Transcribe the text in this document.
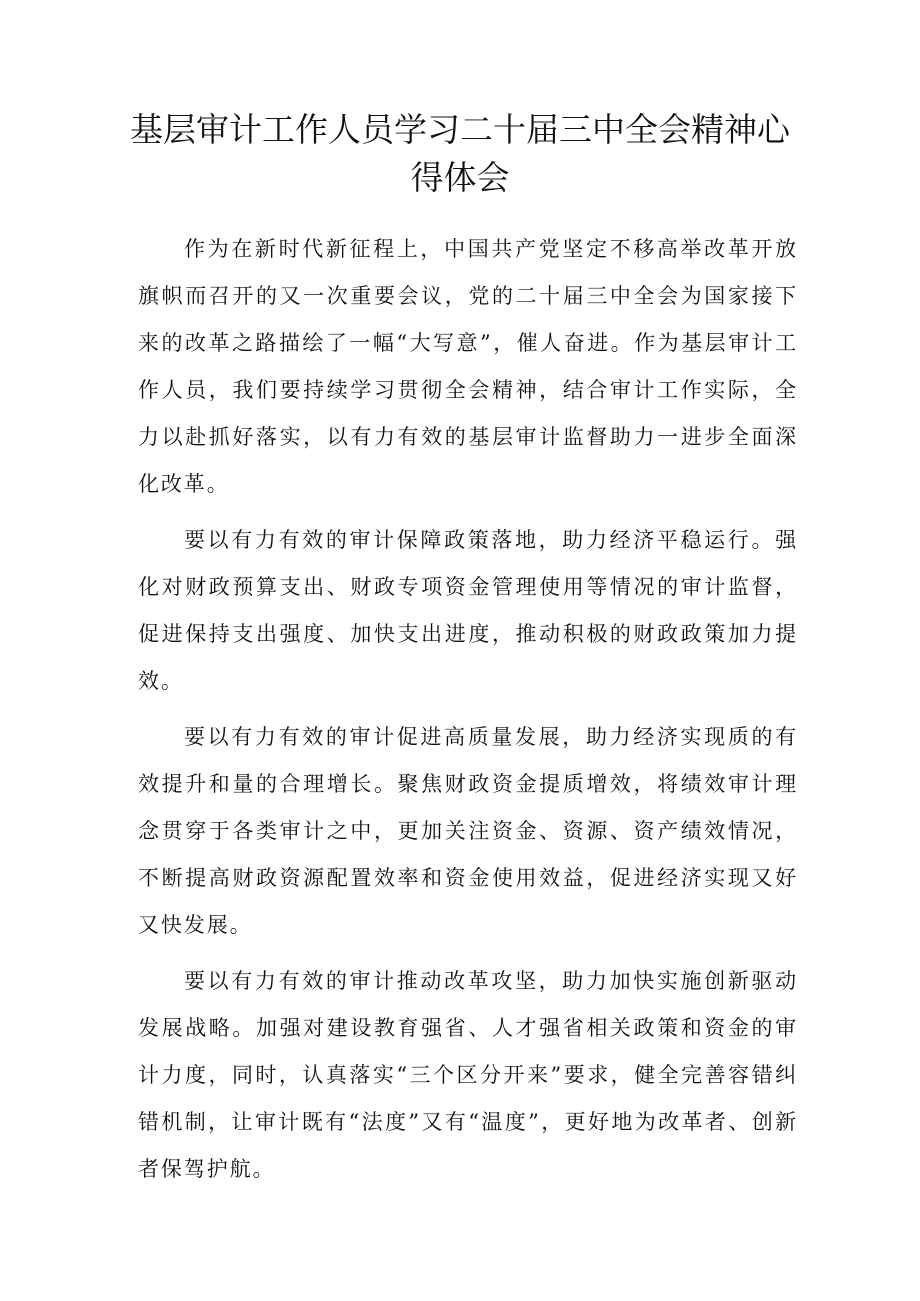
基层审计工作人员学习二十届三中全会精神心
得体会

作为在新时代新征程上，中国共产党坚定不移高举改革开放旗帜而召开的又一次重要会议，党的二十届三中全会为国家接下来的改革之路描绘了一幅“大写意”，催人奋进。作为基层审计工作人员，我们要持续学习贯彻全会精神，结合审计工作实际，全力以赴抓好落实，以有力有效的基层审计监督助力一进步全面深化改革。

要以有力有效的审计保障政策落地，助力经济平稳运行。强化对财政预算支出、财政专项资金管理使用等情况的审计监督，促进保持支出强度、加快支出进度，推动积极的财政政策加力提效。

要以有力有效的审计促进高质量发展，助力经济实现质的有效提升和量的合理增长。聚焦财政资金提质增效，将绩效审计理念贯穿于各类审计之中，更加关注资金、资源、资产绩效情况，不断提高财政资源配置效率和资金使用效益，促进经济实现又好又快发展。

要以有力有效的审计推动改革攻坚，助力加快实施创新驱动发展战略。加强对建设教育强省、人才强省相关政策和资金的审计力度，同时，认真落实“三个区分开来”要求，健全完善容错纠错机制，让审计既有“法度”又有“温度”，更好地为改革者、创新者保驾护航。
